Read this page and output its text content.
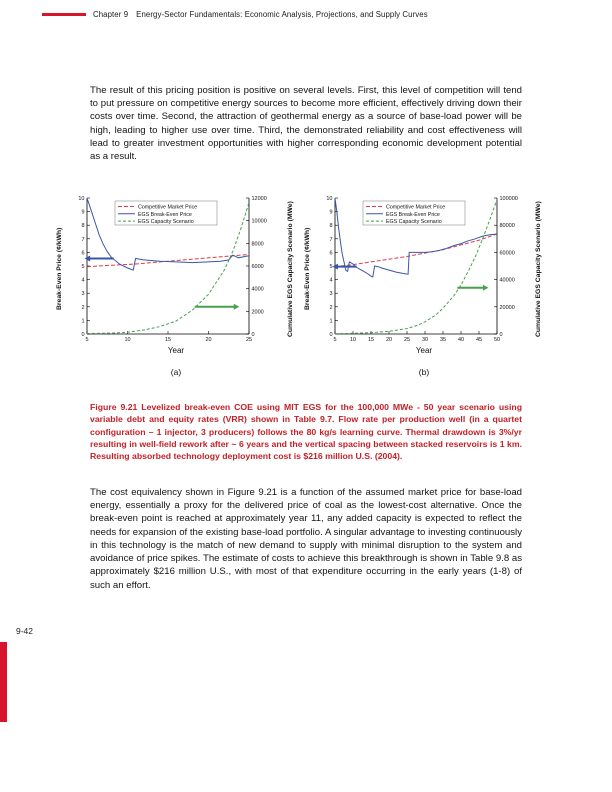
Chapter 9 Energy-Sector Fundamentals: Economic Analysis, Projections, and Supply Curves
The result of this pricing position is positive on several levels. First, this level of competition will tend to put pressure on competitive energy sources to become more efficient, effectively driving down their costs over time. Second, the attraction of geothermal energy as a source of base-load power will be high, leading to higher use over time. Third, the demonstrated reliability and cost effectiveness will lead to greater investment opportunities with higher corresponding economic development potential as a result.
Break-Even Price (¢/kWh)
0
1
2
3
4
5
6
7
8
9
10
0
2000
4000
6000
8000
10000
12000
5	10	15	20	25
Competitive Market Price
EGS Break-Even Price
EGS Capacity Scenario	Cumulative EGS Capacity Scenario (MWe)
Year
(a)
Break-Even Price (¢/kWh)
0
1
2
3
4
5
6
7
8
9
10
0
20000
40000
60000
80000
100000
5 10 15 20 25 30 35 40 45 50
Competitive Market Price
EGS Break-Even Price
EGS Capacity Scenario	Cumulative EGS Capacity Scenario (MWe)
Year
(b)
Figure 9.21 Levelized break-even COE using MIT EGS for the 100,000 MWe - 50 year scenario using variable debt and equity rates (VRR) shown in Table 9.7. Flow rate per production well (in a quartet configuration – 1 injector, 3 producers) follows the 80 kg/s learning curve. Thermal drawdown is 3%/yr resulting in well-field rework after ~ 6 years and the vertical spacing between stacked reservoirs is 1 km. Resulting absorbed technology deployment cost is $216 million U.S. (2004).
The cost equivalency shown in Figure 9.21 is a function of the assumed market price for base-load energy, essentially a proxy for the delivered price of coal as the lowest-cost alternative. Once the break-even point is reached at approximately year 11, any added capacity is expected to reflect the needs for expansion of the existing base-load portfolio. A singular advantage to investing continuously in this technology is the match of new demand to supply with minimal disruption to the system and avoidance of price spikes. The estimate of costs to achieve this breakthrough is shown in Table 9.8 as approximately $216 million U.S., with most of that expenditure occurring in the early years (1-8) of such an effort.
9-42
